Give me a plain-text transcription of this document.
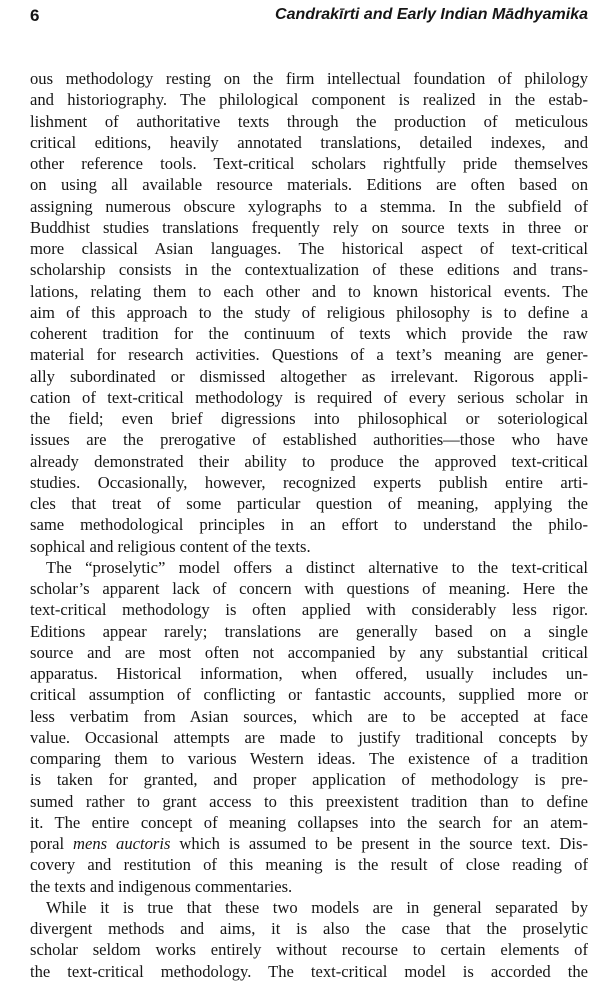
6	Candrakīrti and Early Indian Mādhyamika
ous methodology resting on the firm intellectual foundation of philology
and historiography. The philological component is realized in the estab-
lishment of authoritative texts through the production of meticulous
critical editions, heavily annotated translations, detailed indexes, and
other reference tools. Text-critical scholars rightfully pride themselves
on using all available resource materials. Editions are often based on
assigning numerous obscure xylographs to a stemma. In the subfield of
Buddhist studies translations frequently rely on source texts in three or
more classical Asian languages. The historical aspect of text-critical
scholarship consists in the contextualization of these editions and trans-
lations, relating them to each other and to known historical events. The
aim of this approach to the study of religious philosophy is to define a
coherent tradition for the continuum of texts which provide the raw
material for research activities. Questions of a text’s meaning are gener-
ally subordinated or dismissed altogether as irrelevant. Rigorous appli-
cation of text-critical methodology is required of every serious scholar in
the field; even brief digressions into philosophical or soteriological
issues are the prerogative of established authorities—those who have
already demonstrated their ability to produce the approved text-critical
studies. Occasionally, however, recognized experts publish entire arti-
cles that treat of some particular question of meaning, applying the
same methodological principles in an effort to understand the philo-
sophical and religious content of the texts.
The “proselytic” model offers a distinct alternative to the text-critical
scholar’s apparent lack of concern with questions of meaning. Here the
text-critical methodology is often applied with considerably less rigor.
Editions appear rarely; translations are generally based on a single
source and are most often not accompanied by any substantial critical
apparatus. Historical information, when offered, usually includes un-
critical assumption of conflicting or fantastic accounts, supplied more or
less verbatim from Asian sources, which are to be accepted at face
value. Occasional attempts are made to justify traditional concepts by
comparing them to various Western ideas. The existence of a tradition
is taken for granted, and proper application of methodology is pre-
sumed rather to grant access to this preexistent tradition than to define
it. The entire concept of meaning collapses into the search for an atem-
poral mens auctoris which is assumed to be present in the source text. Dis-
covery and restitution of this meaning is the result of close reading of
the texts and indigenous commentaries.
While it is true that these two models are in general separated by
divergent methods and aims, it is also the case that the proselytic
scholar seldom works entirely without recourse to certain elements of
the text-critical methodology. The text-critical model is accorded the
